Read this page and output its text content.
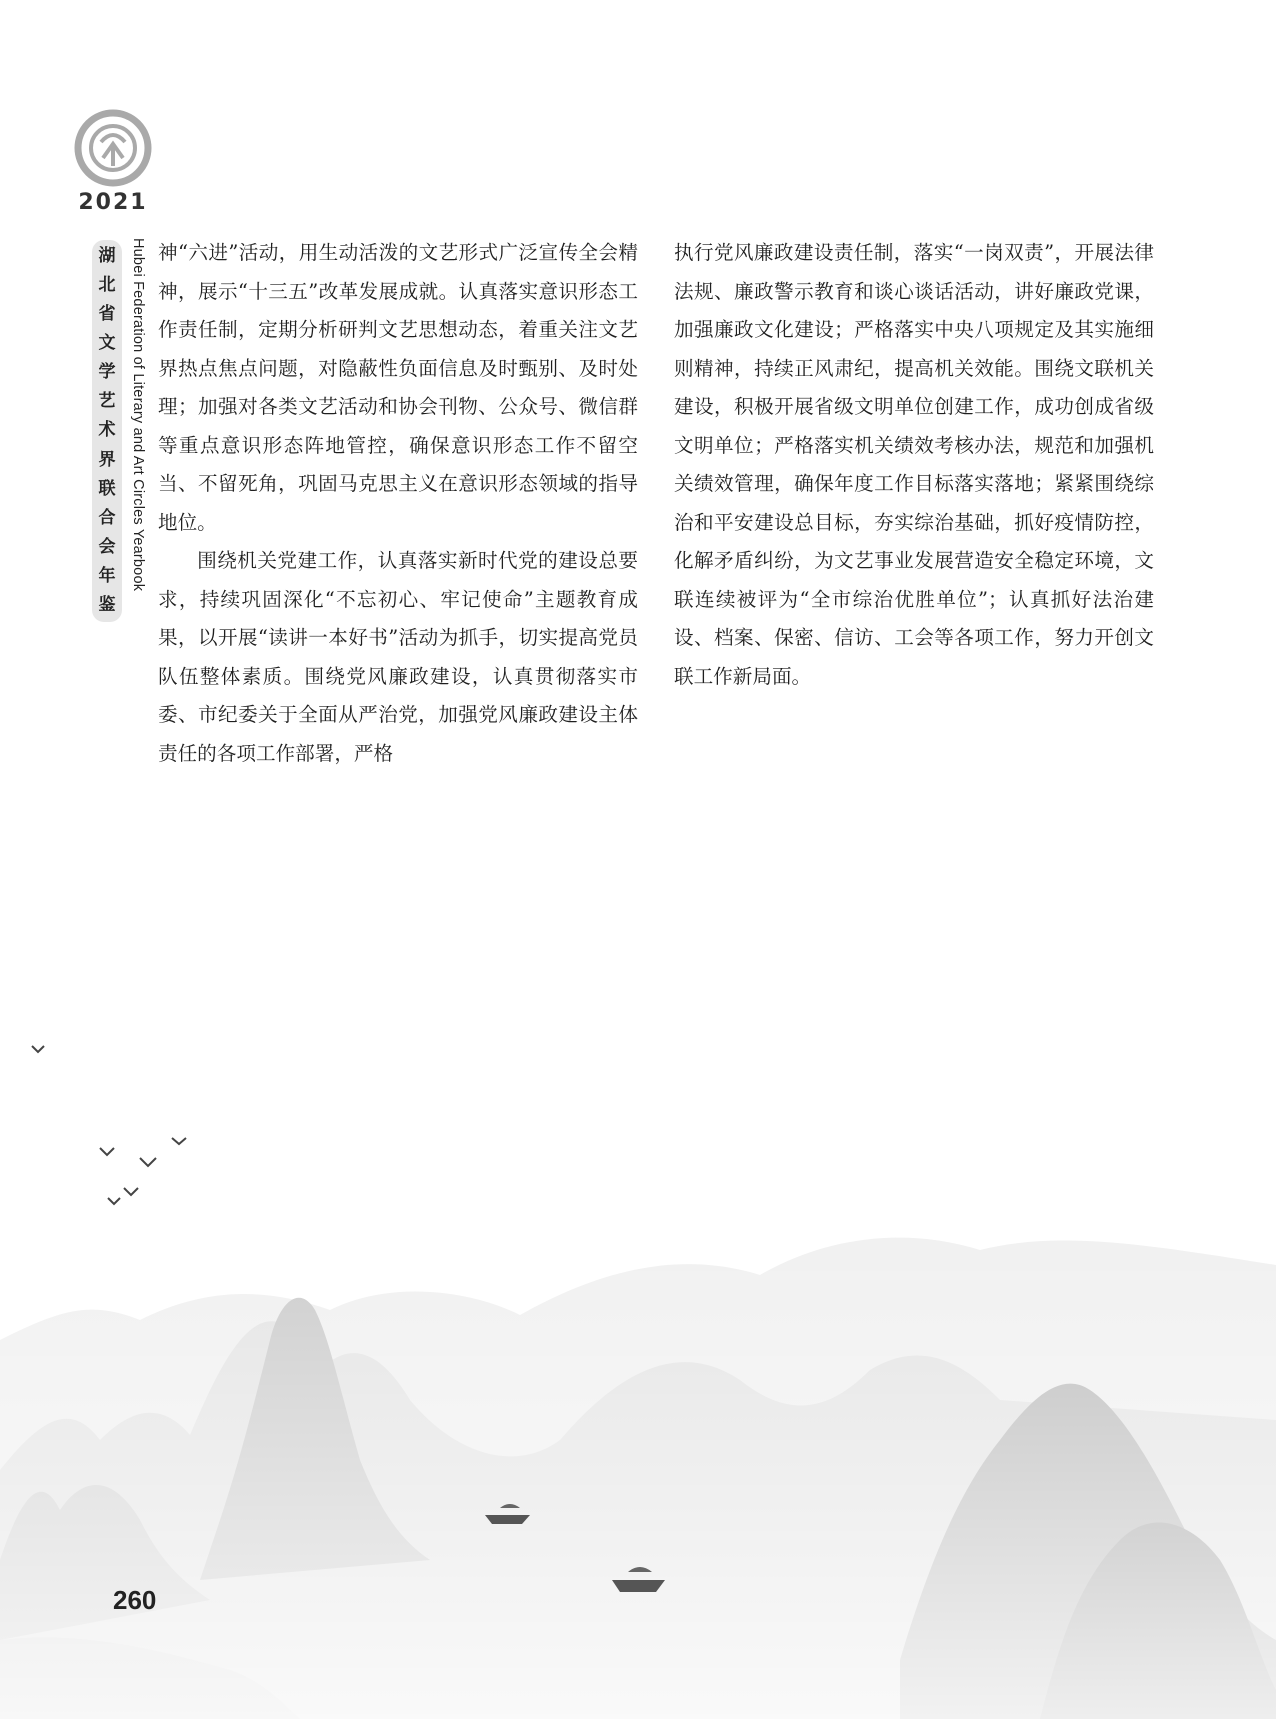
2021
湖
北
省
文
学
艺
术
界
联
合
会
年
鉴
Hubei Federation of Literary and Art Circles Yearbook 神“六进”活动，用生动活泼的文艺形式广泛宣传全会精神，展示“十三五”改革发展成就。认真落实意识形态工作责任制，定期分析研判文艺思想动态，着重关注文艺界热点焦点问题，对隐蔽性负面信息及时甄别、及时处理；加强对各类文艺活动和协会刊物、公众号、微信群等重点意识形态阵地管控，确保意识形态工作不留空当、不留死角，巩固马克思主义在意识形态领域的指导地位。

围绕机关党建工作，认真落实新时代党的建设总要求，持续巩固深化“不忘初心、牢记使命”主题教育成果，以开展“读讲一本好书”活动为抓手，切实提高党员队伍整体素质。围绕党风廉政建设，认真贯彻落实市委、市纪委关于全面从严治党，加强党风廉政建设主体责任的各项工作部署，严格

执行党风廉政建设责任制，落实“一岗双责”，开展法律法规、廉政警示教育和谈心谈话活动，讲好廉政党课，加强廉政文化建设；严格落实中央八项规定及其实施细则精神，持续正风肃纪，提高机关效能。围绕文联机关建设，积极开展省级文明单位创建工作，成功创成省级文明单位；严格落实机关绩效考核办法，规范和加强机关绩效管理，确保年度工作目标落实落地；紧紧围绕综治和平安建设总目标，夯实综治基础，抓好疫情防控，化解矛盾纠纷，为文艺事业发展营造安全稳定环境，文联连续被评为“全市综治优胜单位”；认真抓好法治建设、档案、保密、信访、工会等各项工作，努力开创文联工作新局面。

260
